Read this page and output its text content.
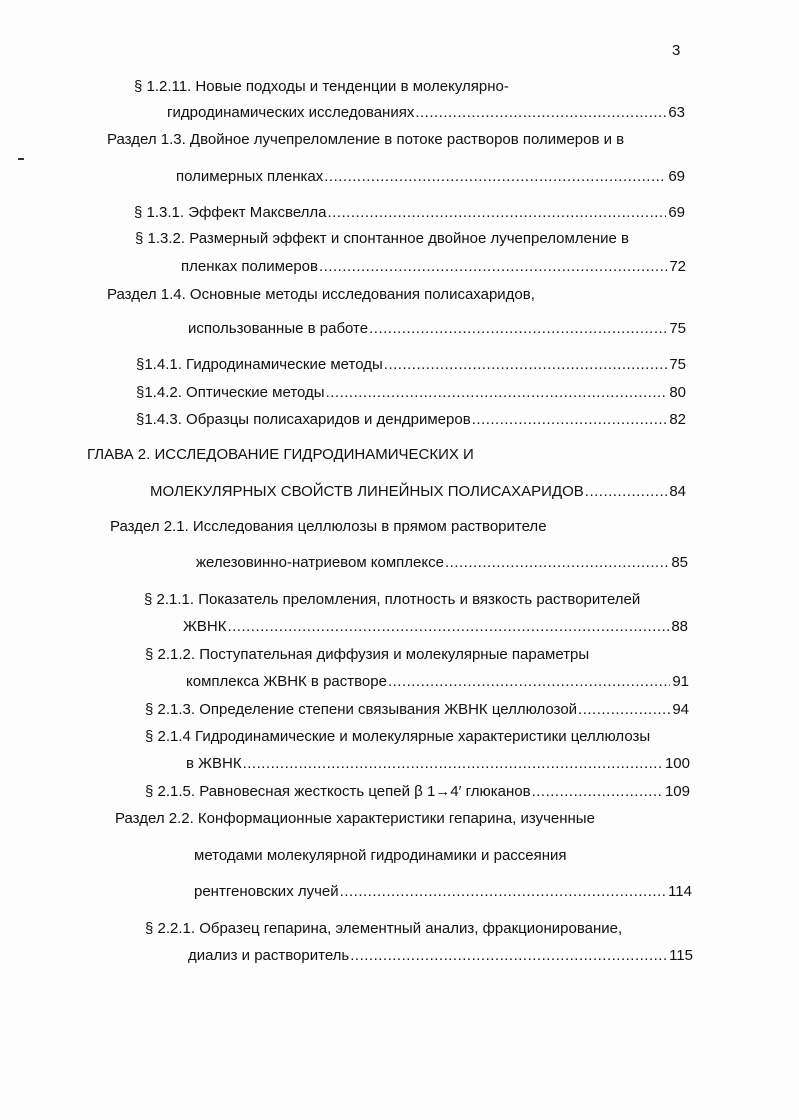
3
§ 1.2.11. Новые подходы и тенденции в молекулярно-
гидродинамических исследованиях .....	63
Раздел 1.3. Двойное лучепреломление в потоке растворов полимеров и в
полимерных пленках .....	69
§ 1.3.1. Эффект Максвелла .....	69
§ 1.3.2. Размерный эффект и спонтанное двойное лучепреломление в
пленках полимеров .....	72
Раздел 1.4. Основные методы исследования полисахаридов,
использованные в работе .....	75
§1.4.1. Гидродинамические методы .....	75
§1.4.2. Оптические методы .....	80
§1.4.3. Образцы полисахаридов и дендримеров .....	82
ГЛАВА 2. ИССЛЕДОВАНИЕ ГИДРОДИНАМИЧЕСКИХ И
МОЛЕКУЛЯРНЫХ СВОЙСТВ ЛИНЕЙНЫХ ПОЛИСАХАРИДОВ .....	84
Раздел 2.1. Исследования целлюлозы в прямом растворителе
железовинно-натриевом комплексе .....	85
§ 2.1.1. Показатель преломления, плотность и вязкость растворителей
ЖВНК .....	88
§ 2.1.2. Поступательная диффузия и молекулярные параметры
комплекса ЖВНК в растворе .....	91
§ 2.1.3. Определение степени связывания ЖВНК целлюлозой .....	94
§ 2.1.4 Гидродинамические и молекулярные характеристики целлюлозы
в ЖВНК .....	100
§ 2.1.5. Равновесная жесткость цепей β 1→4′ глюканов .....	109
Раздел 2.2. Конформационные характеристики гепарина, изученные
методами молекулярной гидродинамики и рассеяния
рентгеновских лучей .....	114
§ 2.2.1. Образец гепарина, элементный анализ, фракционирование,
диализ и растворитель .....	115
